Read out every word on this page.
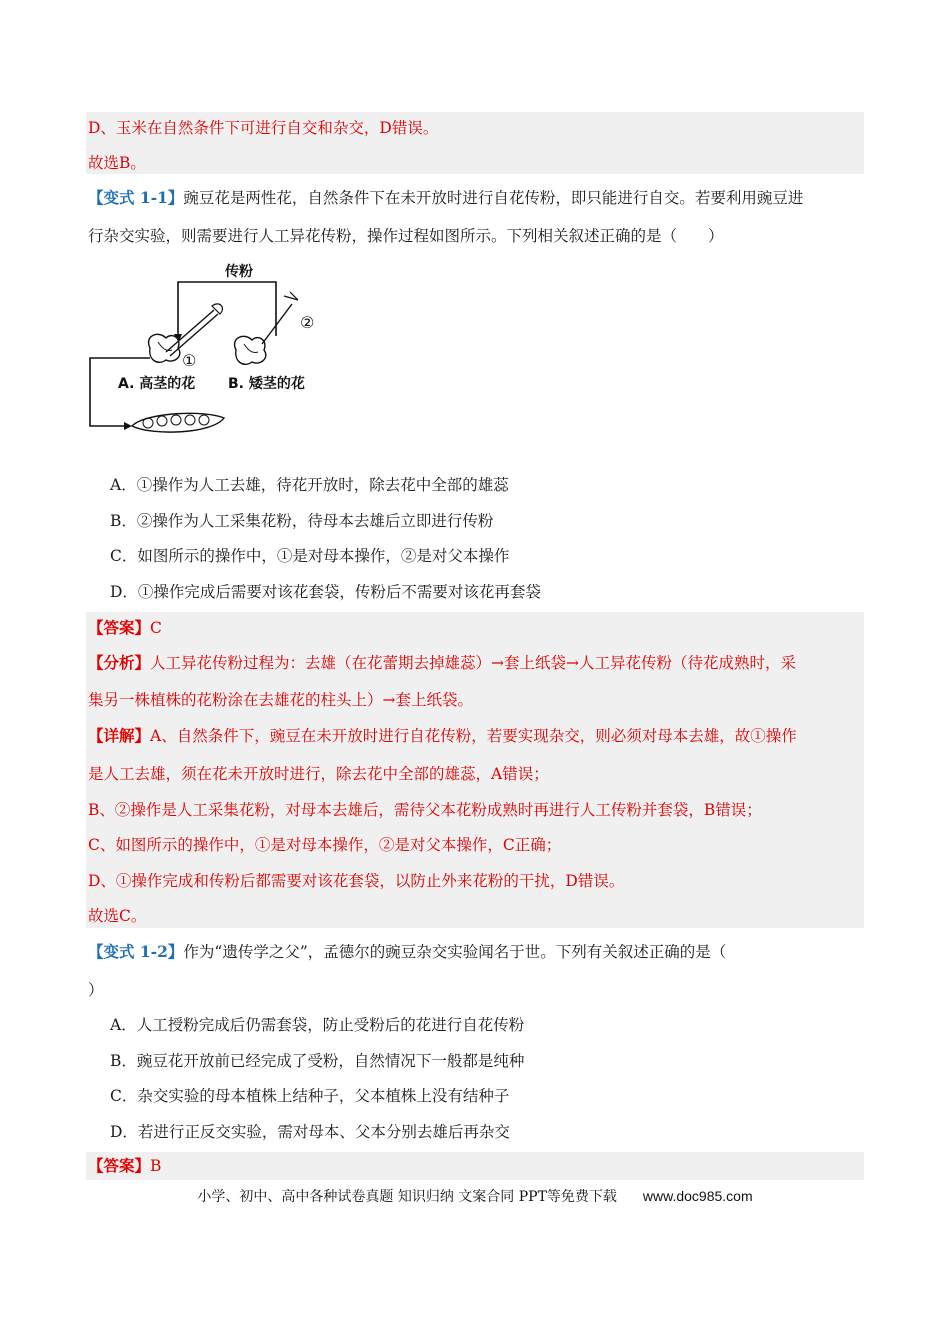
D、玉米在自然条件下可进行自交和杂交，D错误。
故选B。
【变式 1-1】豌豆花是两性花，自然条件下在未开放时进行自花传粉，即只能进行自交。若要利用豌豆进
行杂交实验，则需要进行人工异花传粉，操作过程如图所示。下列相关叙述正确的是（　　）
传粉
①
②
A. 高茎的花 B. 矮茎的花
A．①操作为人工去雄，待花开放时，除去花中全部的雄蕊
B．②操作为人工采集花粉，待母本去雄后立即进行传粉
C．如图所示的操作中，①是对母本操作，②是对父本操作
D．①操作完成后需要对该花套袋，传粉后不需要对该花再套袋
【答案】C
【分析】人工异花传粉过程为：去雄（在花蕾期去掉雄蕊）→套上纸袋→人工异花传粉（待花成熟时，采
集另一株植株的花粉涂在去雄花的柱头上）→套上纸袋。
【详解】A、自然条件下，豌豆在未开放时进行自花传粉，若要实现杂交，则必须对母本去雄，故①操作
是人工去雄，须在花未开放时进行，除去花中全部的雄蕊，A错误；
B、②操作是人工采集花粉，对母本去雄后，需待父本花粉成熟时再进行人工传粉并套袋，B错误；
C、如图所示的操作中，①是对母本操作，②是对父本操作，C正确；
D、①操作完成和传粉后都需要对该花套袋，以防止外来花粉的干扰，D错误。
故选C。
【变式 1-2】作为“遗传学之父”，孟德尔的豌豆杂交实验闻名于世。下列有关叙述正确的是（
）
A．人工授粉完成后仍需套袋，防止受粉后的花进行自花传粉
B．豌豆花开放前已经完成了受粉，自然情况下一般都是纯种
C．杂交实验的母本植株上结种子，父本植株上没有结种子
D．若进行正反交实验，需对母本、父本分别去雄后再杂交
【答案】B
小学、初中、高中各种试卷真题 知识归纳 文案合同 PPT等免费下载 www.doc985.com
